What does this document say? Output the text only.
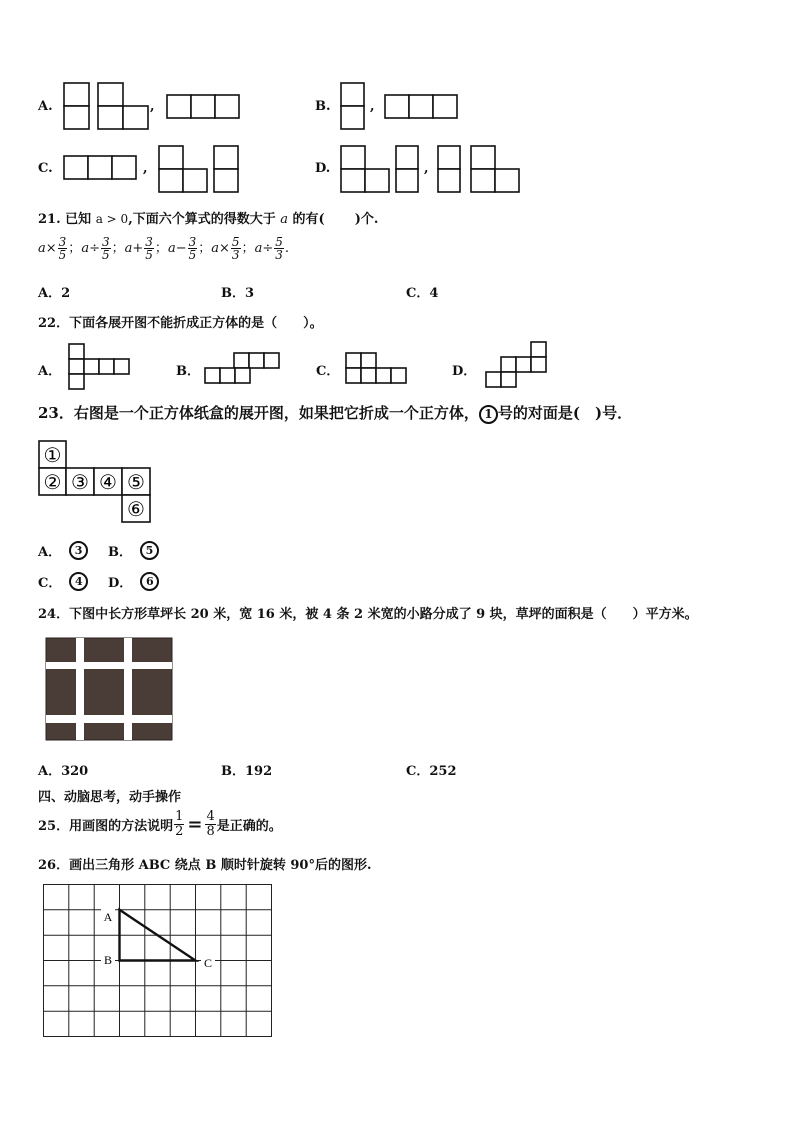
A.	,	B.	,
C.	,	D.	,
21. 已知 a > 0,下面六个算式的得数大于 a 的有( )个.
$a\times \frac{3}{5}$ ； $a\div \frac{3}{5}$ ； $a+ \frac{3}{5}$ ； $a- \frac{3}{5}$ ； $a\times \frac{5}{3}$ ； $a\div \frac{5}{3}$ .
A．2	B．3	C．4
22．下面各展开图不能折成正方体的是（　　）。
A．	B．	C．	D．
23．右图是一个正方体纸盒的展开图，如果把它折成一个正方体， 1 号的对面是(　)号．
①
② ③ ④ ⑤
⑥
A．	3	B．	5
C．	4	D．	6
24．下图中长方形草坪长 20 米，宽 16 米，被 4 条 2 米宽的小路分成了 9 块，草坪的面积是（　　）平方米。
A．320	B．192	C．252
四、动脑思考，动手操作
25．用画图的方法说明 $\frac{1}{2} = \frac{4}{8}$ 是正确的。
26．画出三角形 ABC 绕点 B 顺时针旋转 90°后的图形.
A
B	C
